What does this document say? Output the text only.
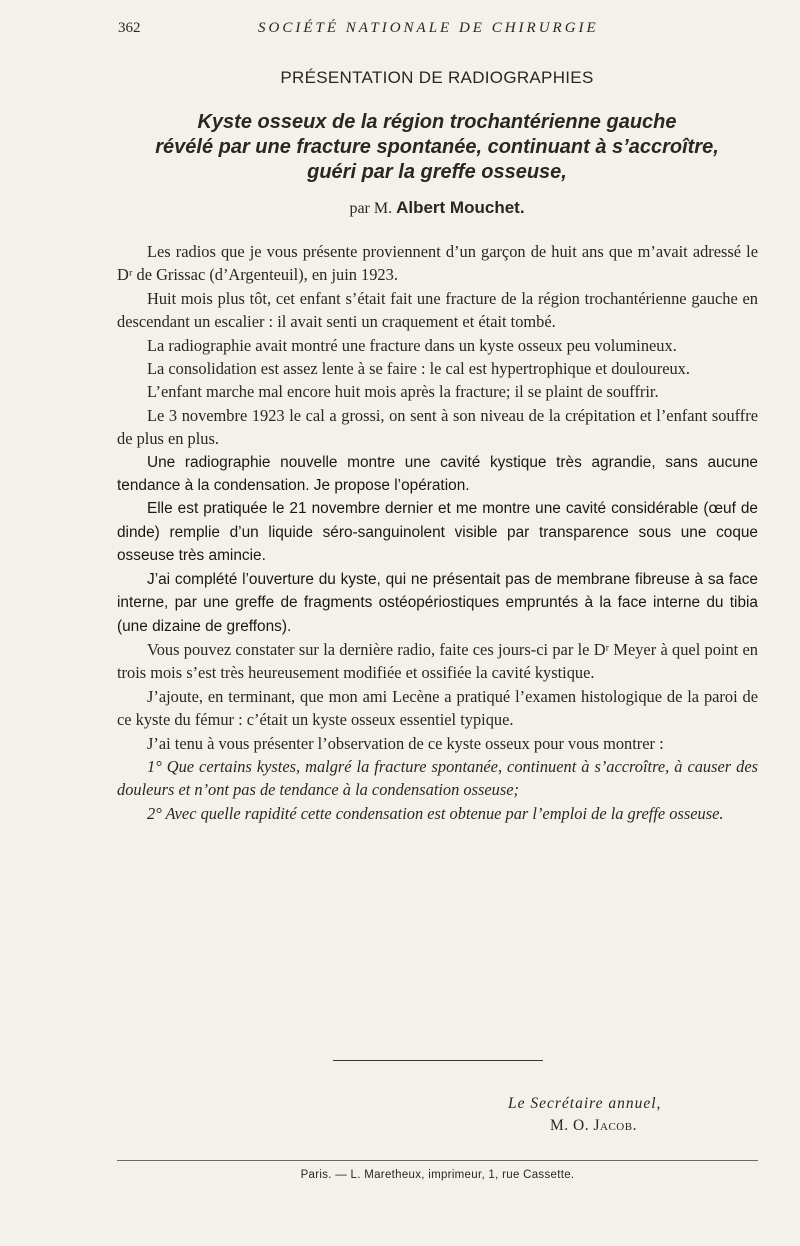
362	SOCIÉTÉ NATIONALE DE CHIRURGIE
PRÉSENTATION DE RADIOGRAPHIES
Kyste osseux de la région trochantérienne gauche
révélé par une fracture spontanée, continuant à s’accroître,
guéri par la greffe osseuse,
par M. Albert Mouchet.

Les radios que je vous présente proviennent d’un garçon de huit ans que m’avait adressé le Dʳ de Grissac (d’Argenteuil), en juin 1923.

Huit mois plus tôt, cet enfant s’était fait une fracture de la région trochantérienne gauche en descendant un escalier : il avait senti un craquement et était tombé.

La radiographie avait montré une fracture dans un kyste osseux peu volumineux.

La consolidation est assez lente à se faire : le cal est hypertrophique et douloureux.

L’enfant marche mal encore huit mois après la fracture; il se plaint de souffrir.

Le 3 novembre 1923 le cal a grossi, on sent à son niveau de la crépitation et l’enfant souffre de plus en plus.

Une radiographie nouvelle montre une cavité kystique très agrandie, sans aucune tendance à la condensation. Je propose l’opération.

Elle est pratiquée le 21 novembre dernier et me montre une cavité considérable (œuf de dinde) remplie d’un liquide séro-sanguinolent visible par transparence sous une coque osseuse très amincie.

J’ai complété l’ouverture du kyste, qui ne présentait pas de membrane fibreuse à sa face interne, par une greffe de fragments ostéopériostiques empruntés à la face interne du tibia (une dizaine de greffons).

Vous pouvez constater sur la dernière radio, faite ces jours-ci par le Dʳ Meyer à quel point en trois mois s’est très heureusement modifiée et ossifiée la cavité kystique.

J’ajoute, en terminant, que mon ami Lecène a pratiqué l’examen histologique de la paroi de ce kyste du fémur : c’était un kyste osseux essentiel typique.

J’ai tenu à vous présenter l’observation de ce kyste osseux pour vous montrer :

1° Que certains kystes, malgré la fracture spontanée, continuent à s’accroître, à causer des douleurs et n’ont pas de tendance à la condensation osseuse;

2° Avec quelle rapidité cette condensation est obtenue par l’emploi de la greffe osseuse.

Le Secrétaire annuel,
M. O. Jacob.
Paris. — L. Maretheux, imprimeur, 1, rue Cassette.
